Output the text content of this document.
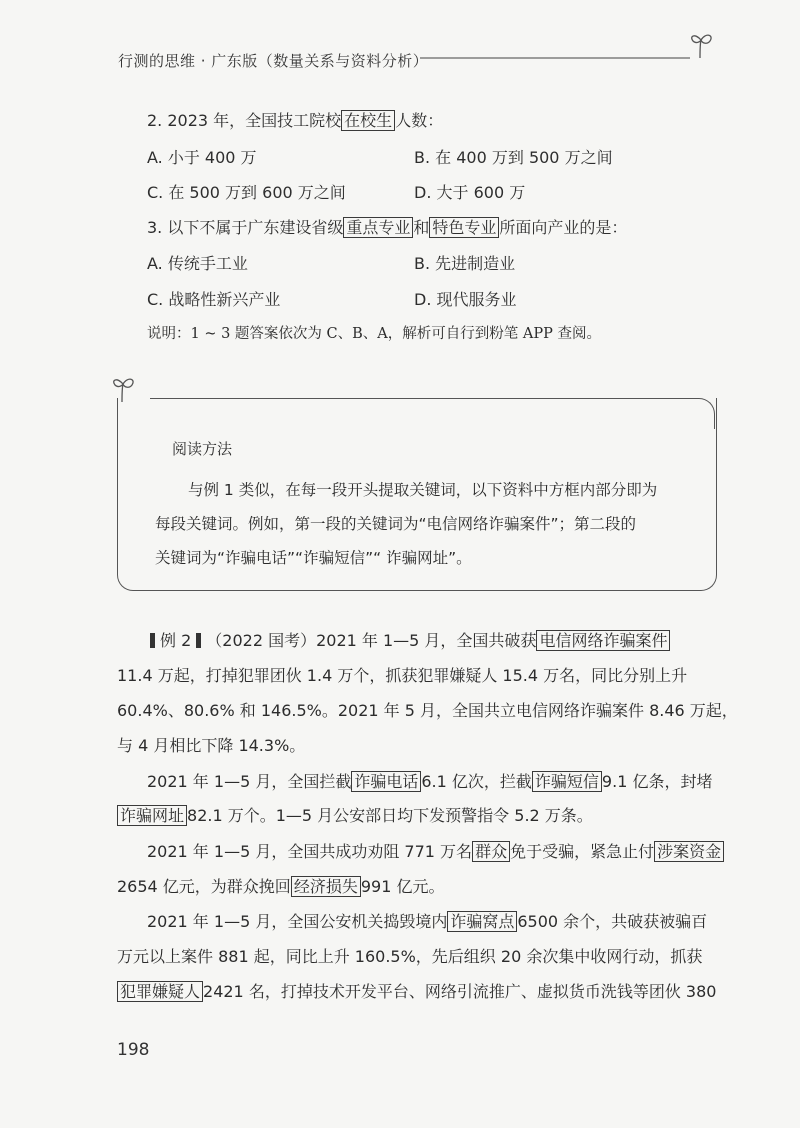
行测的思维 · 广东版（数量关系与资料分析）
2. 2023 年，全国技工院校 在校生 人数：
A. 小于 400 万	B. 在 400 万到 500 万之间
C. 在 500 万到 600 万之间	D. 大于 600 万
3. 以下不属于广东建设省级 重点专业 和 特色专业 所面向产业的是：
A. 传统手工业	B. 先进制造业
C. 战略性新兴产业	D. 现代服务业
说明：1 ~ 3 题答案依次为 C、B、A，解析可自行到粉笔 APP 查阅。
阅读方法
与例 1 类似，在每一段开头提取关键词，以下资料中方框内部分即为
每段关键词。例如，第一段的关键词为“电信网络诈骗案件”；第二段的
关键词为“诈骗电话”“诈骗短信”“ 诈骗网址”。
例 2 （2022 国考）2021 年 1—5 月，全国共破获 电信网络诈骗案件
11.4 万起，打掉犯罪团伙 1.4 万个，抓获犯罪嫌疑人 15.4 万名，同比分别上升
60.4%、80.6% 和 146.5%。2021 年 5 月，全国共立电信网络诈骗案件 8.46 万起，
与 4 月相比下降 14.3%。
2021 年 1—5 月，全国拦截 诈骗电话 6.1 亿次，拦截 诈骗短信 9.1 亿条，封堵
诈骗网址 82.1 万个。1—5 月公安部日均下发预警指令 5.2 万条。
2021 年 1—5 月，全国共成功劝阻 771 万名 群众 免于受骗，紧急止付 涉案资金
2654 亿元，为群众挽回 经济损失 991 亿元。
2021 年 1—5 月，全国公安机关捣毁境内 诈骗窝点 6500 余个，共破获被骗百
万元以上案件 881 起，同比上升 160.5%，先后组织 20 余次集中收网行动，抓获
犯罪嫌疑人 2421 名，打掉技术开发平台、网络引流推广、虚拟货币洗钱等团伙 380
198
